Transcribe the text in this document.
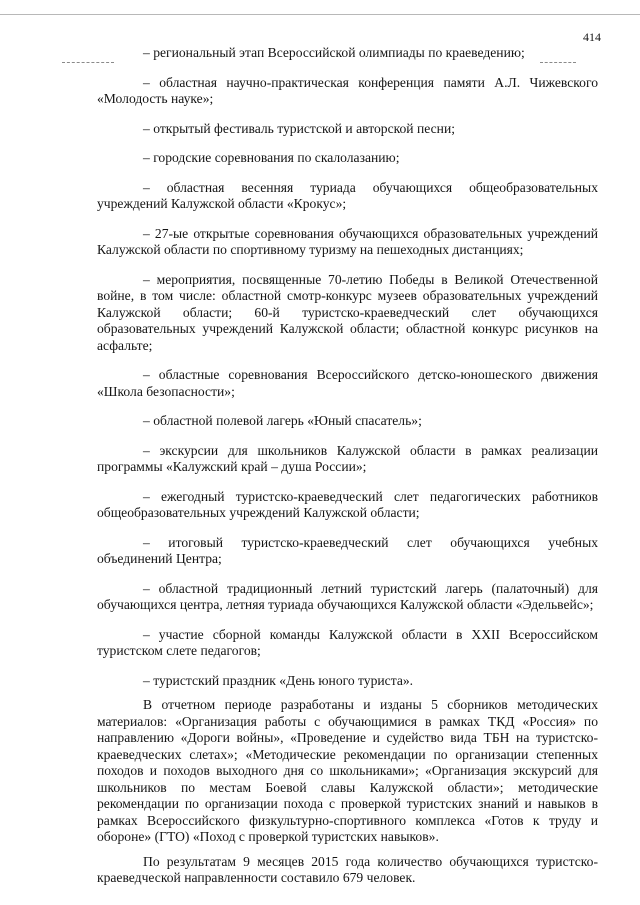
414

– региональный этап Всероссийской олимпиады по краеведению;

– областная научно-практическая конференция памяти А.Л. Чижевского «Молодость науке»;

– открытый фестиваль туристской и авторской песни;

– городские соревнования по скалолазанию;

– областная весенняя туриада обучающихся общеобразовательных учреждений Калужской области «Крокус»;

– 27-ые открытые соревнования обучающихся образовательных учреждений Калужской области по спортивному туризму на пешеходных дистанциях;

– мероприятия, посвященные 70-летию Победы в Великой Отечественной войне, в том числе: областной смотр-конкурс музеев образовательных учреждений Калужской области; 60-й туристско-краеведческий слет обучающихся образовательных учреждений Калужской области; областной конкурс рисунков на асфальте;

– областные соревнования Всероссийского детско-юношеского движения «Школа безопасности»;

– областной полевой лагерь «Юный спасатель»;

– экскурсии для школьников Калужской области в рамках реализации программы «Калужский край – душа России»;

– ежегодный туристско-краеведческий слет педагогических работников общеобразовательных учреждений Калужской области;

– итоговый туристско-краеведческий слет обучающихся учебных объединений Центра;

– областной традиционный летний туристский лагерь (палаточный) для обучающихся центра, летняя туриада обучающихся Калужской области «Эдельвейс»;

– участие сборной команды Калужской области в XXII Всероссийском туристском слете педагогов;

– туристский праздник «День юного туриста».

В отчетном периоде разработаны и изданы 5 сборников методических материалов: «Организация работы с обучающимися в рамках ТКД «Россия» по направлению «Дороги войны», «Проведение и судейство вида ТБН на туристско-краеведческих слетах»; «Методические рекомендации по организации степенных походов и походов выходного дня со школьниками»; «Организация экскурсий для школьников по местам Боевой славы Калужской области»; методические рекомендации по организации похода с проверкой туристских знаний и навыков в рамках Всероссийского физкультурно-спортивного комплекса «Готов к труду и обороне» (ГТО) «Поход с проверкой туристских навыков».

По результатам 9 месяцев 2015 года количество обучающихся туристско-краеведческой направленности составило 679 человек.
